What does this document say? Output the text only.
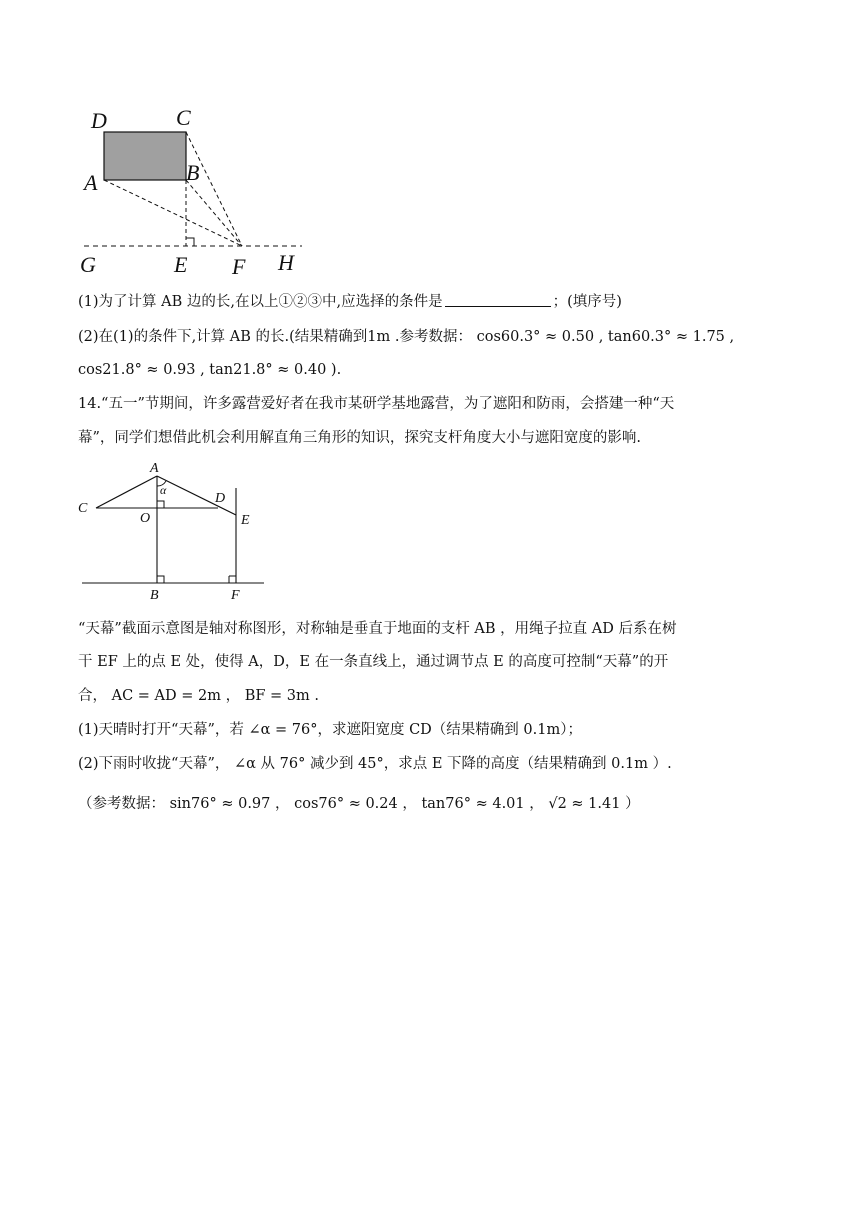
D	C
A	B
G	E F H
(1)为了计算 AB 边的长,在以上①②③中,应选择的条件是	；(填序号)
(2)在(1)的条件下,计算 AB 的长.(结果精确到1m .参考数据： cos60.3° ≈ 0.50 , tan60.3° ≈ 1.75 ,
cos21.8° ≈ 0.93 , tan21.8° ≈ 0.40 ).
14.“五一”节期间，许多露营爱好者在我市某研学基地露营，为了遮阳和防雨，会搭建一种“天
幕”，同学们想借此机会利用解直角三角形的知识，探究支杆角度大小与遮阳宽度的影响.
A
α
D
C
O	E
B	F
“天幕”截面示意图是轴对称图形，对称轴是垂直于地面的支杆 AB ，用绳子拉直 AD 后系在树
干 EF 上的点 E 处，使得 A，D，E 在一条直线上，通过调节点 E 的高度可控制“天幕”的开
合， AC = AD = 2m ， BF = 3m .
(1)天晴时打开“天幕”，若 ∠α = 76°，求遮阳宽度 CD（结果精确到 0.1m）；
(2)下雨时收拢“天幕”， ∠α 从 76° 减少到 45°，求点 E 下降的高度（结果精确到 0.1m ）.
（参考数据： sin76° ≈ 0.97 ， cos76° ≈ 0.24 ， tan76° ≈ 4.01 ， √2 ≈ 1.41 ）
